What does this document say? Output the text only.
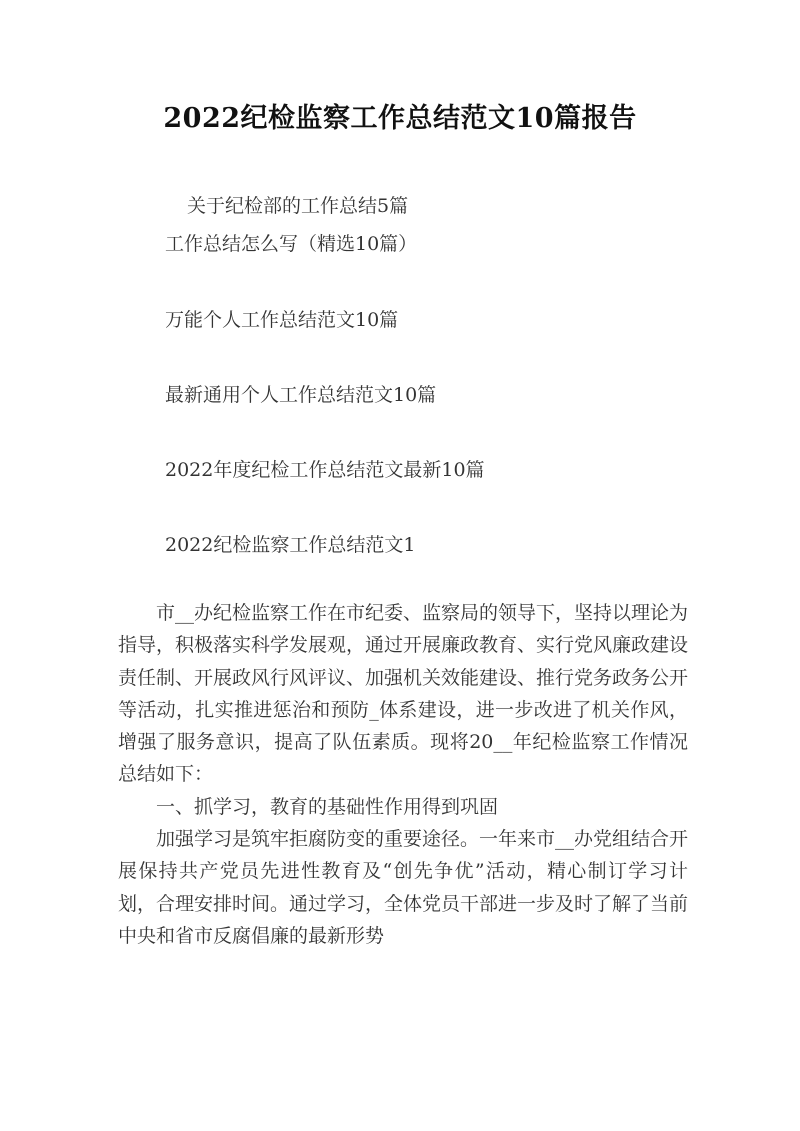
2022纪检监察工作总结范文10篇报告

关于纪检部的工作总结5篇

工作总结怎么写（精选10篇）

万能个人工作总结范文10篇

最新通用个人工作总结范文10篇

2022年度纪检工作总结范文最新10篇

2022纪检监察工作总结范文1

市__办纪检监察工作在市纪委、监察局的领导下，坚持以理论为指导，积极落实科学发展观，通过开展廉政教育、实行党风廉政建设责任制、开展政风行风评议、加强机关效能建设、推行党务政务公开等活动，扎实推进惩治和预防_体系建设，进一步改进了机关作风，增强了服务意识，提高了队伍素质。现将20__年纪检监察工作情况总结如下：

一、抓学习，教育的基础性作用得到巩固

加强学习是筑牢拒腐防变的重要途径。一年来市__办党组结合开展保持共产党员先进性教育及“创先争优”活动，精心制订学习计划，合理安排时间。通过学习，全体党员干部进一步及时了解了当前中央和省市反腐倡廉的最新形势
